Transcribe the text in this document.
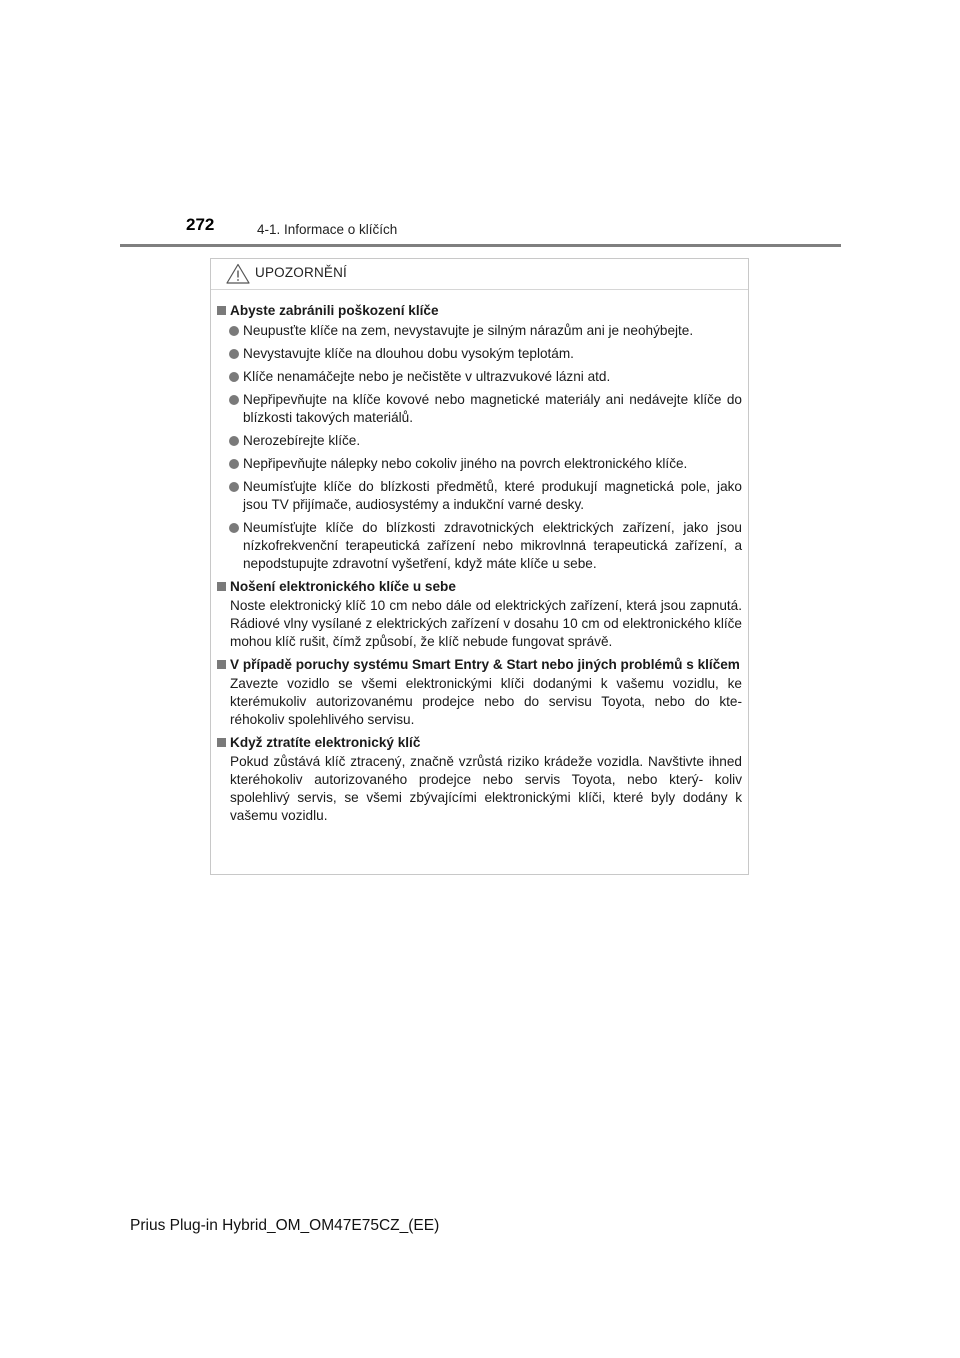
272	4-1. Informace o klíčích
UPOZORNĚNÍ
Abyste zabránili poškození klíče
Neupusťte klíče na zem, nevystavujte je silným nárazům ani je neohýbejte.
Nevystavujte klíče na dlouhou dobu vysokým teplotám.
Klíče nenamáčejte nebo je nečistěte v ultrazvukové lázni atd.
Nepřipevňujte na klíče kovové nebo magnetické materiály ani nedávejte klíče do blízkosti takových materiálů.
Nerozebírejte klíče.
Nepřipevňujte nálepky nebo cokoliv jiného na povrch elektronického klíče.
Neumísťujte klíče do blízkosti předmětů, které produkují magnetická pole, jako jsou TV přijímače, audiosystémy a indukční varné desky.
Neumísťujte klíče do blízkosti zdravotnických elektrických zařízení, jako jsou nízkofrekvenční terapeutická zařízení nebo mikrovlnná terapeutická zařízení, a nepodstupujte zdravotní vyšetření, když máte klíče u sebe.
Nošení elektronického klíče u sebe
Noste elektronický klíč 10 cm nebo dále od elektrických zařízení, která jsou zapnutá. Rádiové vlny vysílané z elektrických zařízení v dosahu 10 cm od elektronického klíče mohou klíč rušit, čímž způsobí, že klíč nebude fungovat správě.
V případě poruchy systému Smart Entry & Start nebo jiných problémů s klíčem
Zavezte vozidlo se všemi elektronickými klíči dodanými k vašemu vozidlu, ke kterémukoliv autorizovanému prodejce nebo do servisu Toyota, nebo do kte- réhokoliv spolehlivého servisu.
Když ztratíte elektronický klíč
Pokud zůstává klíč ztracený, značně vzrůstá riziko krádeže vozidla. Navštivte ihned kteréhokoliv autorizovaného prodejce nebo servis Toyota, nebo který- koliv spolehlivý servis, se všemi zbývajícími elektronickými klíči, které byly dodány k vašemu vozidlu.
Prius Plug-in Hybrid_OM_OM47E75CZ_(EE)
